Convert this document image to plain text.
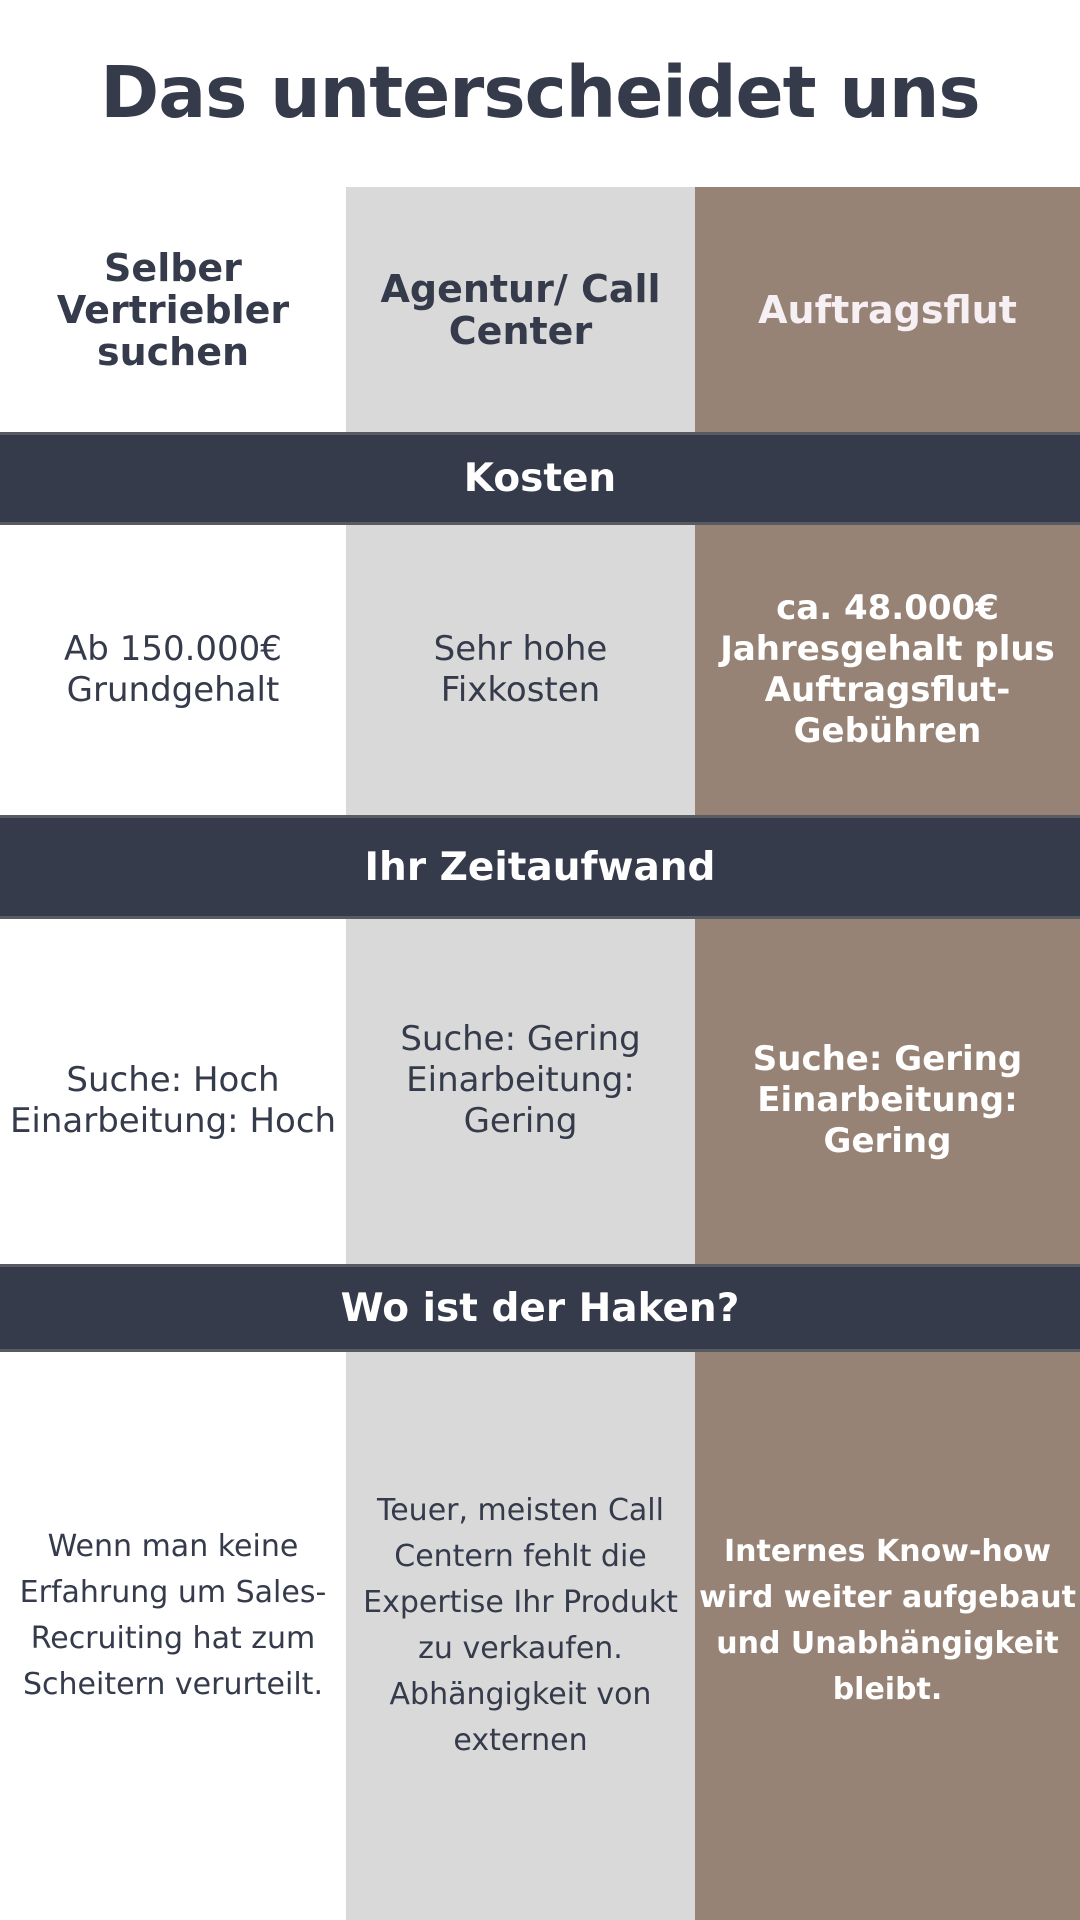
Das unterscheidet uns
Selber
Vertriebler
suchen
Agentur/ Call
Center	Auftragsflut
Kosten
Ab 150.000€
Grundgehalt
Sehr hohe
Fixkosten
ca. 48.000€
Jahresgehalt plus
Auftragsflut-
Gebühren
Ihr Zeitaufwand
Suche: Hoch
Einarbeitung: Hoch
Suche: Gering
Einarbeitung: Gering
Suche: Gering
Einarbeitung: Gering
Wo ist der Haken?
Wenn man keine
Erfahrung um Sales-
Recruiting hat zum
Scheitern verurteilt.
Teuer, meisten Call
Centern fehlt die
Expertise Ihr Produkt
zu verkaufen.
Abhängigkeit von
externen
Internes Know-how
wird weiter aufgebaut
und Unabhängigkeit
bleibt.
